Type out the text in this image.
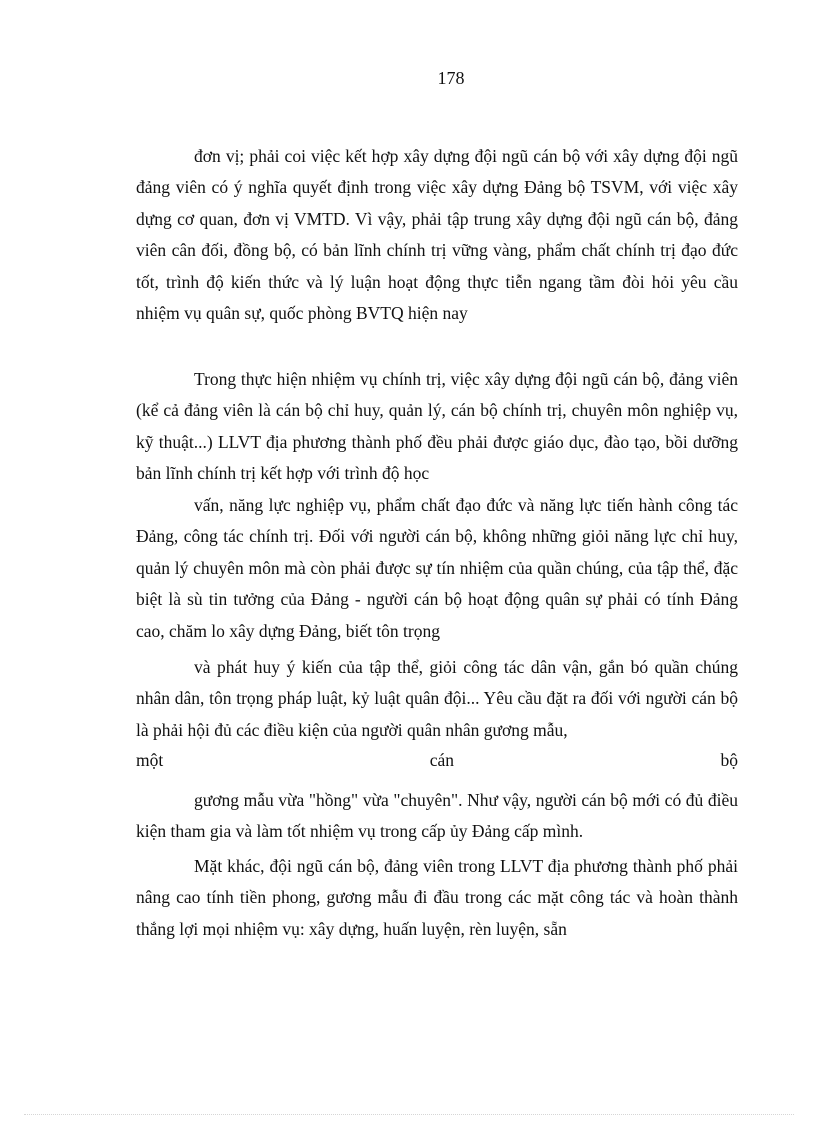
178

đơn vị; phải coi việc kết hợp xây dựng đội ngũ cán bộ với xây dựng đội ngũ đảng viên có ý nghĩa quyết định trong việc xây dựng Đảng bộ TSVM, với việc xây dựng cơ quan, đơn vị VMTD. Vì vậy, phải tập trung xây dựng đội ngũ cán bộ, đảng viên cân đối, đồng bộ, có bản lĩnh chính trị vững vàng, phẩm chất chính trị đạo đức tốt, trình độ kiến thức và lý luận hoạt động thực tiễn ngang tầm đòi hỏi yêu cầu nhiệm vụ quân sự, quốc phòng BVTQ hiện nay

Trong thực hiện nhiệm vụ chính trị, việc xây dựng đội ngũ cán bộ, đảng viên (kể cả đảng viên là cán bộ chỉ huy, quản lý, cán bộ chính trị, chuyên môn nghiệp vụ, kỹ thuật...) LLVT địa phương thành phố đều phải được giáo dục, đào tạo, bồi dưỡng bản lĩnh chính trị kết hợp với trình độ học

vấn, năng lực nghiệp vụ, phẩm chất đạo đức và năng lực tiến hành công tác Đảng, công tác chính trị. Đối với người cán bộ, không những giỏi năng lực chỉ huy, quản lý chuyên môn mà còn phải được sự tín nhiệm của quần chúng, của tập thể, đặc biệt là sù tin tưởng của Đảng - người cán bộ hoạt động quân sự phải có tính Đảng cao, chăm lo xây dựng Đảng, biết tôn trọng

và phát huy ý kiến của tập thể, giỏi công tác dân vận, gắn bó quần chúng nhân dân, tôn trọng pháp luật, kỷ luật quân đội... Yêu cầu đặt ra đối với người cán bộ là phải hội đủ các điều kiện của người quân nhân gương mẫu,

một	cán	bộ

gương mẫu vừa "hồng" vừa "chuyên". Như vậy, người cán bộ mới có đủ điều kiện tham gia và làm tốt nhiệm vụ trong cấp ủy Đảng cấp mình.

Mặt khác, đội ngũ cán bộ, đảng viên trong LLVT địa phương thành phố phải nâng cao tính tiền phong, gương mẫu đi đầu trong các mặt công tác và hoàn thành thắng lợi mọi nhiệm vụ: xây dựng, huấn luyện, rèn luyện, sẵn
